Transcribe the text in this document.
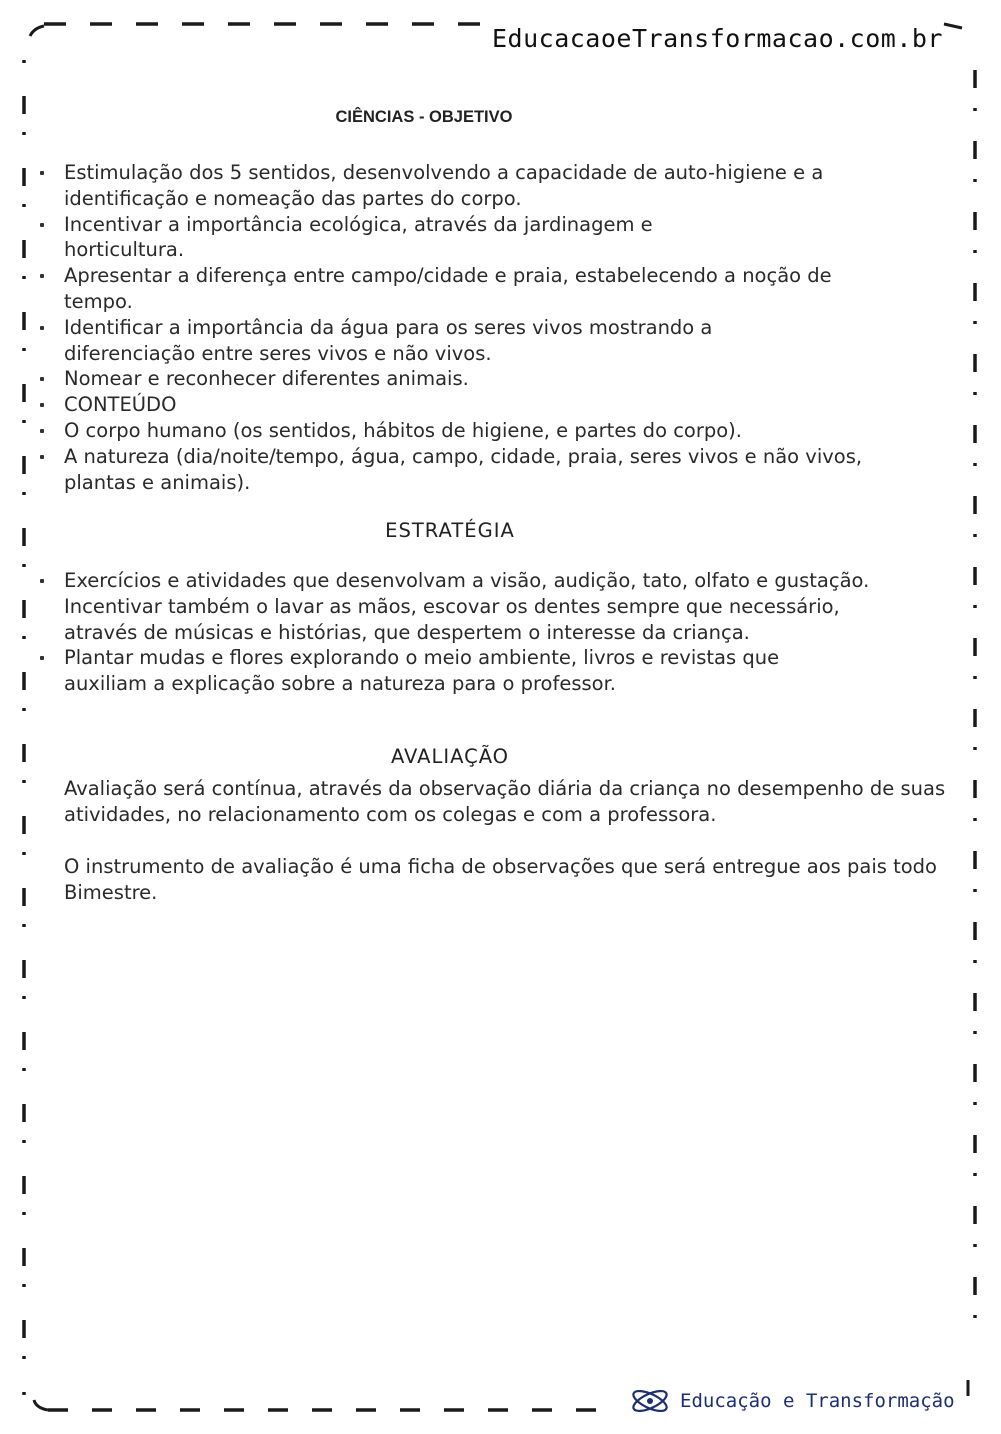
EducacaoeTransformacao.com.br
CIÊNCIAS - OBJETIVO
Estimulação dos 5 sentidos, desenvolvendo a capacidade de auto-higiene e a identificação e nomeação das partes do corpo.
Incentivar a importância ecológica, através da jardinagem e horticultura.
Apresentar a diferença entre campo/cidade e praia, estabelecendo a noção de tempo.
Identificar a importância da água para os seres vivos mostrando a diferenciação entre seres vivos e não vivos.
Nomear e reconhecer diferentes animais.
CONTEÚDO
O corpo humano (os sentidos, hábitos de higiene, e partes do corpo).
A natureza (dia/noite/tempo, água, campo, cidade, praia, seres vivos e não vivos, plantas e animais).
ESTRATÉGIA
Exercícios e atividades que desenvolvam a visão, audição, tato, olfato e gustação. Incentivar também o lavar as mãos, escovar os dentes sempre que necessário, através de músicas e histórias, que despertem o interesse da criança.
Plantar mudas e flores explorando o meio ambiente, livros e revistas que auxiliam a explicação sobre a natureza para o professor.
AVALIAÇÃO

Avaliação será contínua, através da observação diária da criança no desempenho de suas atividades, no relacionamento com os colegas e com a professora.

O instrumento de avaliação é uma ficha de observações que será entregue aos pais todo Bimestre.

Educação e Transformação
